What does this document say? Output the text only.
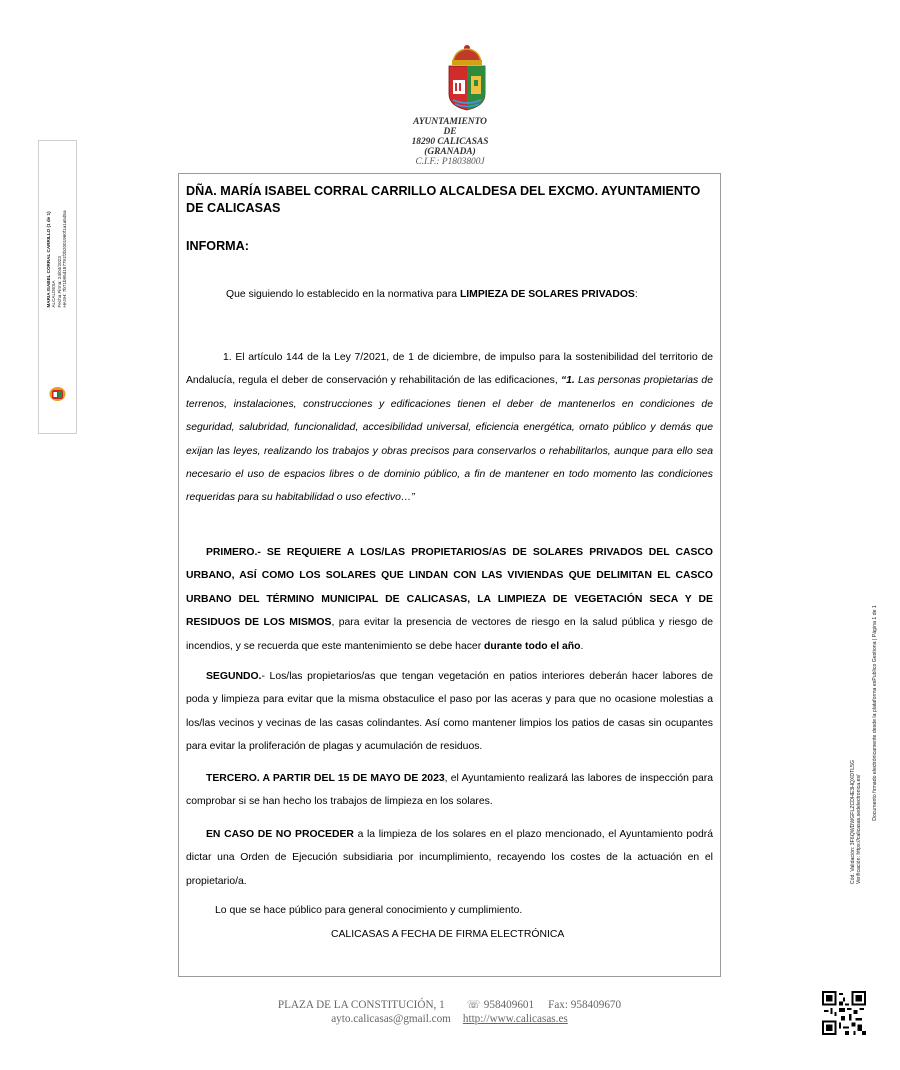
MARIA ISABEL CORRAL CARRILLO (1 de 1) ALCALDESA Fecha Firma: 24/04/2023 HASH: 7b71b95d187791f2b2001960f1a1a5d5a
AYUNTAMIENTO
DE
18290 CALICASAS
(GRANADA)
C.I.F.: P1803800J
DÑA. MARÍA ISABEL CORRAL CARRILLO ALCALDESA DEL EXCMO. AYUNTAMIENTO DE CALICASAS
INFORMA:
Que siguiendo lo establecido en la normativa para LIMPIEZA DE SOLARES PRIVADOS:
1. El artículo 144 de la Ley 7/2021, de 1 de diciembre, de impulso para la sostenibilidad del territorio de Andalucía, regula el deber de conservación y rehabilitación de las edificaciones, “1. Las personas propietarias de terrenos, instalaciones, construcciones y edificaciones tienen el deber de mantenerlos en condiciones de seguridad, salubridad, funcionalidad, accesibilidad universal, eficiencia energética, ornato público y demás que exijan las leyes, realizando los trabajos y obras precisos para conservarlos o rehabilitarlos, aunque para ello sea necesario el uso de espacios libres o de dominio público, a fin de mantener en todo momento las condiciones requeridas para su habitabilidad o uso efectivo…”
PRIMERO.- SE REQUIERE A LOS/LAS PROPIETARIOS/AS DE SOLARES PRIVADOS DEL CASCO URBANO, ASÍ COMO LOS SOLARES QUE LINDAN CON LAS VIVIENDAS QUE DELIMITAN EL CASCO URBANO DEL TÉRMINO MUNICIPAL DE CALICASAS, LA LIMPIEZA DE VEGETACIÓN SECA Y DE RESIDUOS DE LOS MISMOS, para evitar la presencia de vectores de riesgo en la salud pública y riesgo de incendios, y se recuerda que este mantenimiento se debe hacer durante todo el año.
SEGUNDO.- Los/las propietarios/as que tengan vegetación en patios interiores deberán hacer labores de poda y limpieza para evitar que la misma obstaculice el paso por las aceras y para que no ocasione molestias a los/las vecinos y vecinas de las casas colindantes. Así como mantener limpios los patios de casas sin ocupantes para evitar la proliferación de plagas y acumulación de residuos.
TERCERO. A PARTIR DEL 15 DE MAYO DE 2023, el Ayuntamiento realizará las labores de inspección para comprobar si se han hecho los trabajos de limpieza en los solares.
EN CASO DE NO PROCEDER a la limpieza de los solares en el plazo mencionado, el Ayuntamiento podrá dictar una Orden de Ejecución subsidiaria por incumplimiento, recayendo los costes de la actuación en el propietario/a.
Lo que se hace público para general conocimiento y cumplimiento.
CALICASAS A FECHA DE FIRMA ELECTRÓNICA
PLAZA DE LA CONSTITUCIÓN, 1 ☏ 958409601 Fax: 958409670
ayto.calicasas@gmail.com http://www.calicasas.es
Cód. Validación: 3F6QWDWGFLZCDHE3HQXDTL5G Verificación: https://calicasas.sedelectronica.es/
Documento firmado electrónicamente desde la plataforma esPublico Gestiona | Página 1 de 1
